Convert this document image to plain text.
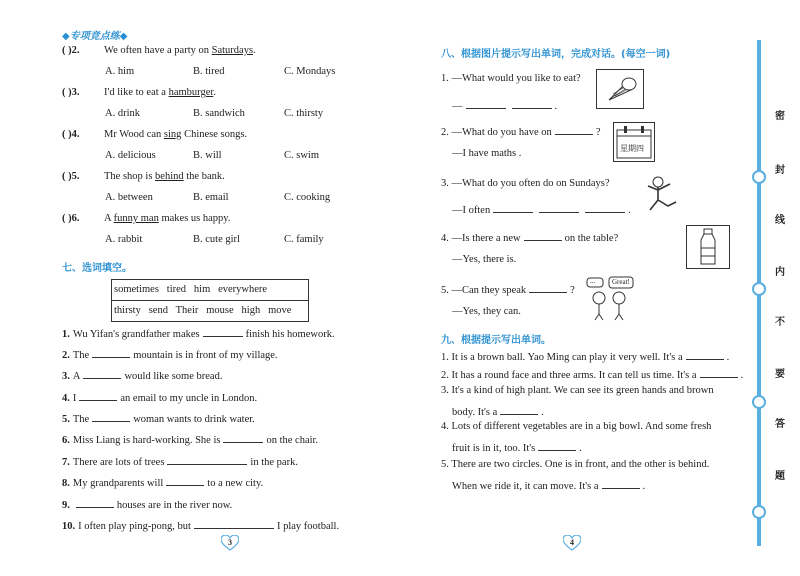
◆专项竞点练◆
( )2. We often have a party on Saturdays.
A. him	B. tired	C. Mondays
( )3. I'd like to eat a hamburger.
A. drink	B. sandwich	C. thirsty
( )4. Mr Wood can sing Chinese songs.
A. delicious	B. will	C. swim
( )5. The shop is behind the bank.
A. between	B. email	C. cooking
( )6. A funny man makes us happy.
A. rabbit	B. cute girl	C. family
七、选词填空。
sometimes   tired   him   everywhere
thirsty   send   Their   mouse   high   move
1. Wu Yifan's grandfather makes	finish his homework.
2. The	mountain is in front of my village.
3. A	would like some bread.
4. I	an email to my uncle in London.
5. The	woman wants to drink water.
6. Miss Liang is hard-working. She is	on the chair.
7. There are lots of trees	in the park.
8. My grandparents will	to a new city.
9.	houses are in the river now.
10. I often play ping-pong, but	I play football.
3
八、根据图片提示写出单词，完成对话。(每空一词)
1. —What would you like to eat?
—	.
2. —What do you have on	?
—I have maths .
3. —What do you often do on Sundays?
—I often	.
4. —Is there a new	on the table?
—Yes, there is.
5. —Can they speak	?
—Yes, they can.
星期四
... Great!
九、根据提示写出单词。
1. It is a brown ball. Yao Ming can play it very well. It's a	.
2. It has a round face and three arms. It can tell us time. It's a	.
3. It's a kind of high plant. We can see its green hands and brown
body. It's a	.
4. Lots of different vegetables are in a big bowl. And some fresh
fruit is in it, too. It's	.
5. There are two circles. One is in front, and the other is behind.
When we ride it, it can move. It's a	.
4
密
封
线
内
不
要
答
题
